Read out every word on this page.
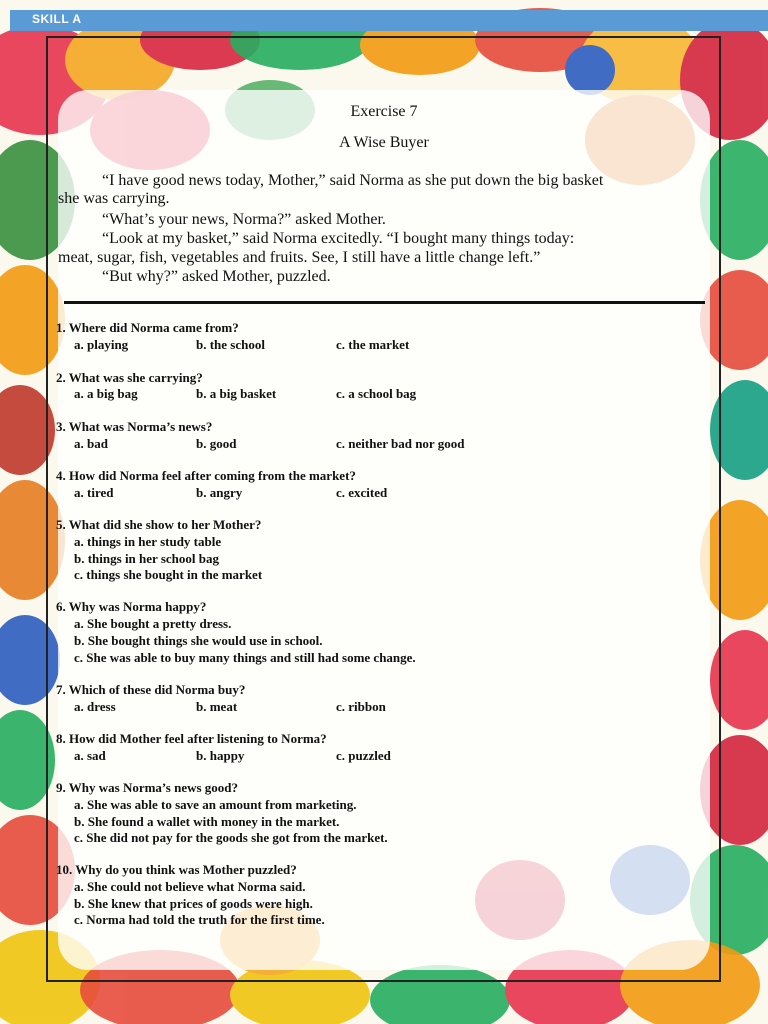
SKILL A
Exercise 7
A Wise Buyer
“I have good news today, Mother,” said Norma as she put down the big basket
she was carrying.
“What’s your news, Norma?” asked Mother.
“Look at my basket,” said Norma excitedly. “I bought many things today:
meat, sugar, fish, vegetables and fruits. See, I still have a little change left.”
“But why?” asked Mother, puzzled.
1. Where did Norma came from?
a. playing	b. the school	c. the market
2. What was she carrying?
a. a big bag	b. a big basket	c. a school bag
3. What was Norma’s news?
a. bad	b. good	c. neither bad nor good
4. How did Norma feel after coming from the market?
a. tired	b. angry	c. excited
5. What did she show to her Mother?
a. things in her study table
b. things in her school bag
c. things she bought in the market
6. Why was Norma happy?
a. She bought a pretty dress.
b. She bought things she would use in school.
c. She was able to buy many things and still had some change.
7. Which of these did Norma buy?
a. dress	b. meat	c. ribbon
8. How did Mother feel after listening to Norma?
a. sad	b. happy	c. puzzled
9. Why was Norma’s news good?
a. She was able to save an amount from marketing.
b. She found a wallet with money in the market.
c. She did not pay for the goods she got from the market.
10. Why do you think was Mother puzzled?
a. She could not believe what Norma said.
b. She knew that prices of goods were high.
c. Norma had told the truth for the first time.
